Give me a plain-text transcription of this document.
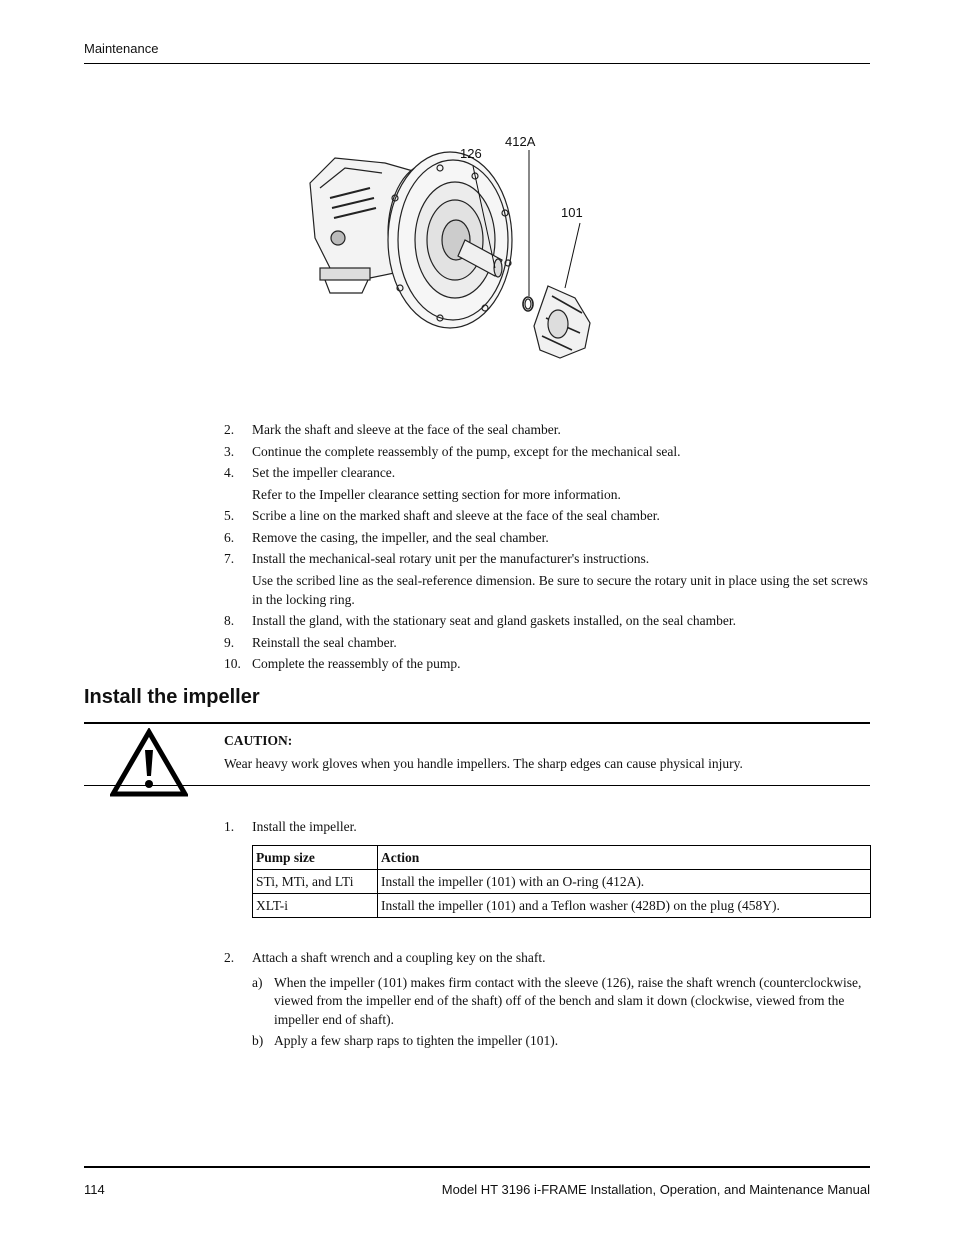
Maintenance
126
412A
101
2. Mark the shaft and sleeve at the face of the seal chamber.
3. Continue the complete reassembly of the pump, except for the mechanical seal.
4. Set the impeller clearance.
Refer to the Impeller clearance setting section for more information.
5. Scribe a line on the marked shaft and sleeve at the face of the seal chamber.
6. Remove the casing, the impeller, and the seal chamber.
7. Install the mechanical-seal rotary unit per the manufacturer's instructions.
Use the scribed line as the seal-reference dimension. Be sure to secure the rotary unit in place using the set screws in the locking ring.
8. Install the gland, with the stationary seat and gland gaskets installed, on the seal chamber.
9. Reinstall the seal chamber.
10. Complete the reassembly of the pump.
Install the impeller
CAUTION:
Wear heavy work gloves when you handle impellers. The sharp edges can cause physical injury.
1. Install the impeller.
Pump size	Action
STi, MTi, and LTi	Install the impeller (101) with an O-ring (412A).
XLT-i	Install the impeller (101) and a Teflon washer (428D) on the plug (458Y).
2. Attach a shaft wrench and a coupling key on the shaft.
a) When the impeller (101) makes firm contact with the sleeve (126), raise the shaft wrench (counterclockwise, viewed from the impeller end of the shaft) off of the bench and slam it down (clockwise, viewed from the impeller end of shaft).
b) Apply a few sharp raps to tighten the impeller (101).
114	Model HT 3196 i-FRAME Installation, Operation, and Maintenance Manual
